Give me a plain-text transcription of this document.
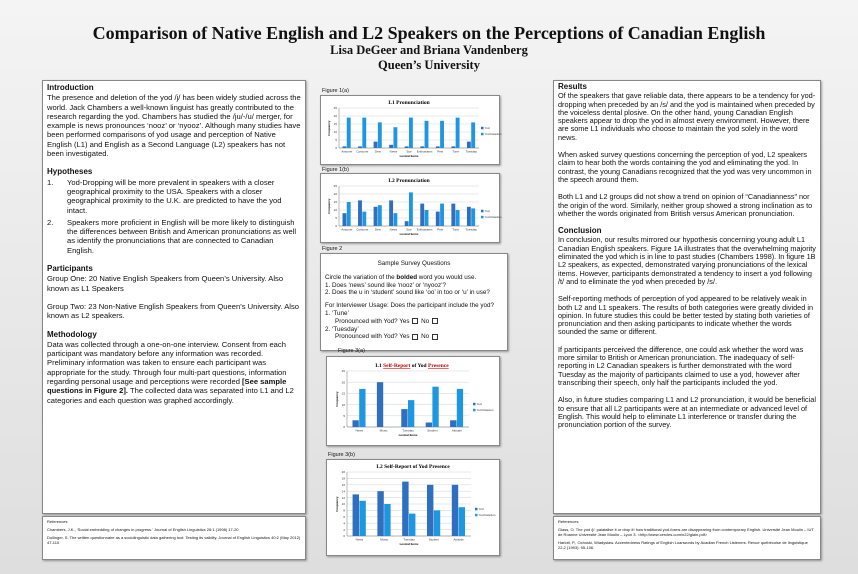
Comparison of Native English and L2 Speakers on the Perceptions of Canadian English
Lisa DeGeer and Briana Vandenberg
Queen’s University
Introduction

The presence and deletion of the yod /j/ has been widely studied across the world. Jack Chambers a well-known linguist has greatly contributed to the research regarding the yod. Chambers has studied the /ju/-/u/ merger, for example is news pronounces ‘nooz’ or ‘nyooz’. Although many studies have been performed comparisons of yod usage and perception of Native English (L1) and English as a Second Language (L2) speakers has not been investigated.

Hypotheses
1.	Yod-Dropping will be more prevalent in speakers with a closer geographical proximity to the USA. Speakers with a closer geographical proximity to the U.K. are predicted to have the yod intact.
2.	Speakers more proficient in English will be more likely to distinguish the differences between British and American pronunciations as well as identify the pronunciations that are connected to Canadian English.
Participants

Group One: 20 Native English Speakers from Queen’s University. Also known as L1 Speakers

Group Two: 23 Non-Native English Speakers from Queen’s University. Also known as L2 speakers.

Methodology

Data was collected through a one-on-one interview. Consent from each participant was mandatory before any information was recorded. Preliminary information was taken to ensure each participant was appropriate for the study. Through four multi-part questions, information regarding personal usage and perceptions were recorded [See sample questions in Figure 2]. The collected data was separated into L1 and L2 categories and each question was graphed accordingly.

References

Chambers, J.K., ‘Social embedding of changes in progress.’ Journal of English Linguistics 26:1 (1998) 17-20

Dollinger, S. The written questionnaire as a sociolinguistic data gathering tool: Testing its validity. Journal of English Linguistics 40:2 (May 2012) 47-110

Figure 1(a)
L1 Pronunciation
0
5
10
15
20
25
Assume Costume Dew	News	Sue Enthusiasm Pew	Tune Tuesday
Lexical Items
Frequency	Yod
Yod Deletion
Figure 1(b)
L2 Pronunciation
0
5
10
15
20
25
Assume Costume Dew	News	Sue Enthusiasm Pew	Tune Tuesday
Lexical Items
Frequency	Yod
Yod Deletion
Figure 2
Sample Survey Questions
Circle the variation of the bolded word you would use.
1. Does ‘news’ sound like ‘nooz’ or ‘nyooz’?
2. Does the u in ‘student’ sound like ‘oo’ in too or ‘u’ in use?
For Interviewer Usage: Does the participant include the yod?
1. ‘Tune’
Pronounced with Yod? Yes No
2. ‘Tuesday’
Pronounced with Yod? Yes No
Figure 3(a)
L1 Self-Report of Yod Presence
0
5
10
15
20
25
News	Music	Tuesday	Student	Attitude
Lexical Items
Frequency	Yod
Yod Deletion
Figure 3(b)
L2 Self-Report of Yod Presence
0
2
4
6
8
10
12
14
16
18
20
News	Music	Tuesday	Student	Attitude
Lexical Items
Frequency	Yod
Yod Deletion
Results

Of the speakers that gave reliable data, there appears to be a tendency for yod-dropping when preceded by an /s/ and the yod is maintained when preceded by the voiceless dental plosive. On the other hand, young Canadian English speakers appear to drop the yod in almost every environment. However, there are some L1 individuals who choose to maintain the yod solely in the word news.

When asked survey questions concerning the perception of yod, L2 speakers claim to hear both the words containing the yod and eliminating the yod. In contrast, the young Canadians recognized that the yod was very uncommon in the speech around them.

Both L1 and L2 groups did not show a trend on opinion of “Canadianness” nor the origin of the word. Similarly, neither group showed a strong inclination as to whether the words originated from British versus American pronunciation.

Conclusion

In conclusion, our results mirrored our hypothesis concerning young adult L1 Canadian English speakers. Figure 1A illustrates that the overwhelming majority eliminated the yod which is in line to past studies (Chambers 1998). In figure 1B L2 speakers, as expected, demonstrated varying pronunciations of the lexical items. However, participants demonstrated a tendency to insert a yod following /t/ and to eliminate the yod when preceded by /s/.

Self-reporting methods of perception of yod appeared to be relatively weak in both L2 and L1 speakers. The results of both categories were greatly divided in opinion. In future studies this could be better tested by stating both varieties of pronunciation and then asking participants to indicate whether the words sounded the same or different.

If participants perceived the difference, one could ask whether the word was more similar to British or American pronunciation. The inadequacy of self-reporting in L2 Canadian speakers is further demonstrated with the word Tuesday as the majority of participants claimed to use a yod, however after transcribing their speech, only half the participants included the yod.

Also, in future studies comparing L1 and L2 pronunciation, it would be beneficial to ensure that all L2 participants were at an intermediate or advanced level of English. This would help to eliminate L1 interference or transfer during the pronunciation portion of the survey.

References

Glass, O. The yod /j/: palatalise it or drop it! how traditional yod-forms are disappearing from contemporary English. Université Jean Moulin – IUT de Roanne Université Jean Moulin – Lyon 3. <http://www.cercles.com/n22/glain.pdf>

Harlott, P., Ochoski, Wladyslaw. Accentedness Ratings of English Loanwords by Acadian French Listeners. Revue québécoise de linguistique 22.2 (1993): 95-106.
